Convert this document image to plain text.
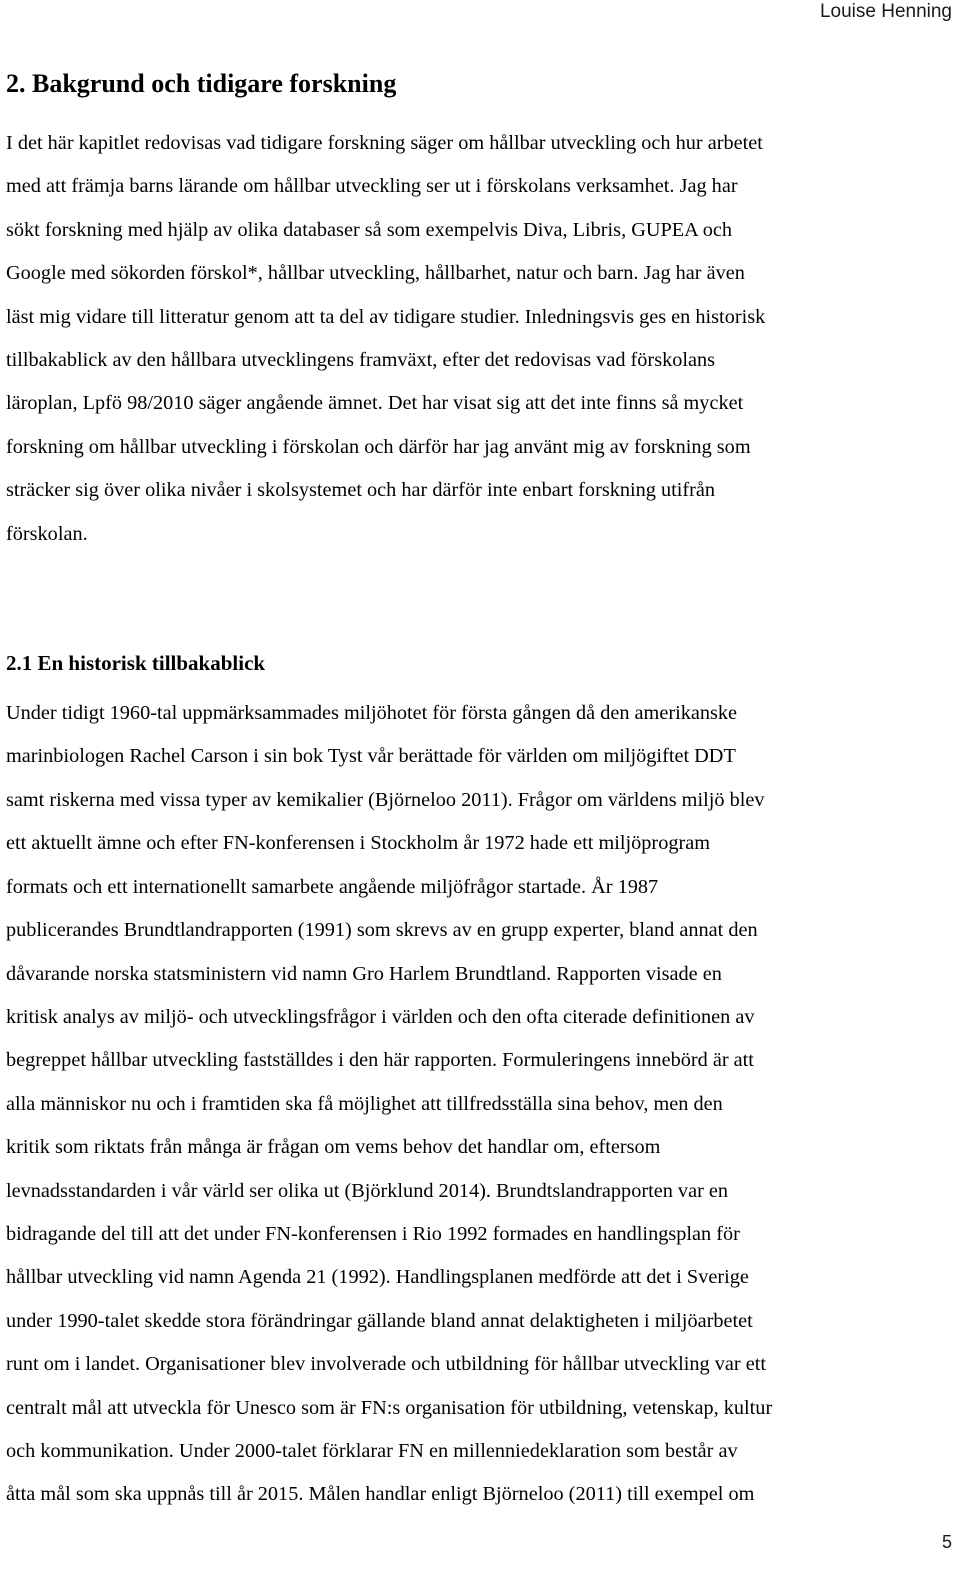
Louise Henning
2. Bakgrund och tidigare forskning

I det här kapitlet redovisas vad tidigare forskning säger om hållbar utveckling och hur arbetet
med att främja barns lärande om hållbar utveckling ser ut i förskolans verksamhet. Jag har
sökt forskning med hjälp av olika databaser så som exempelvis Diva, Libris, GUPEA och
Google med sökorden förskol*, hållbar utveckling, hållbarhet, natur och barn. Jag har även
läst mig vidare till litteratur genom att ta del av tidigare studier. Inledningsvis ges en historisk
tillbakablick av den hållbara utvecklingens framväxt, efter det redovisas vad förskolans
läroplan, Lpfö 98/2010 säger angående ämnet. Det har visat sig att det inte finns så mycket
forskning om hållbar utveckling i förskolan och därför har jag använt mig av forskning som
sträcker sig över olika nivåer i skolsystemet och har därför inte enbart forskning utifrån
förskolan.

2.1 En historisk tillbakablick

Under tidigt 1960-tal uppmärksammades miljöhotet för första gången då den amerikanske
marinbiologen Rachel Carson i sin bok Tyst vår berättade för världen om miljögiftet DDT
samt riskerna med vissa typer av kemikalier (Björneloo 2011). Frågor om världens miljö blev
ett aktuellt ämne och efter FN-konferensen i Stockholm år 1972 hade ett miljöprogram
formats och ett internationellt samarbete angående miljöfrågor startade. År 1987
publicerandes Brundtlandrapporten (1991) som skrevs av en grupp experter, bland annat den
dåvarande norska statsministern vid namn Gro Harlem Brundtland. Rapporten visade en
kritisk analys av miljö- och utvecklingsfrågor i världen och den ofta citerade definitionen av
begreppet hållbar utveckling fastställdes i den här rapporten. Formuleringens innebörd är att
alla människor nu och i framtiden ska få möjlighet att tillfredsställa sina behov, men den
kritik som riktats från många är frågan om vems behov det handlar om, eftersom
levnadsstandarden i vår värld ser olika ut (Björklund 2014). Brundtslandrapporten var en
bidragande del till att det under FN-konferensen i Rio 1992 formades en handlingsplan för
hållbar utveckling vid namn Agenda 21 (1992). Handlingsplanen medförde att det i Sverige
under 1990-talet skedde stora förändringar gällande bland annat delaktigheten i miljöarbetet
runt om i landet. Organisationer blev involverade och utbildning för hållbar utveckling var ett
centralt mål att utveckla för Unesco som är FN:s organisation för utbildning, vetenskap, kultur
och kommunikation. Under 2000-talet förklarar FN en millenniedeklaration som består av
åtta mål som ska uppnås till år 2015. Målen handlar enligt Björneloo (2011) till exempel om

5
